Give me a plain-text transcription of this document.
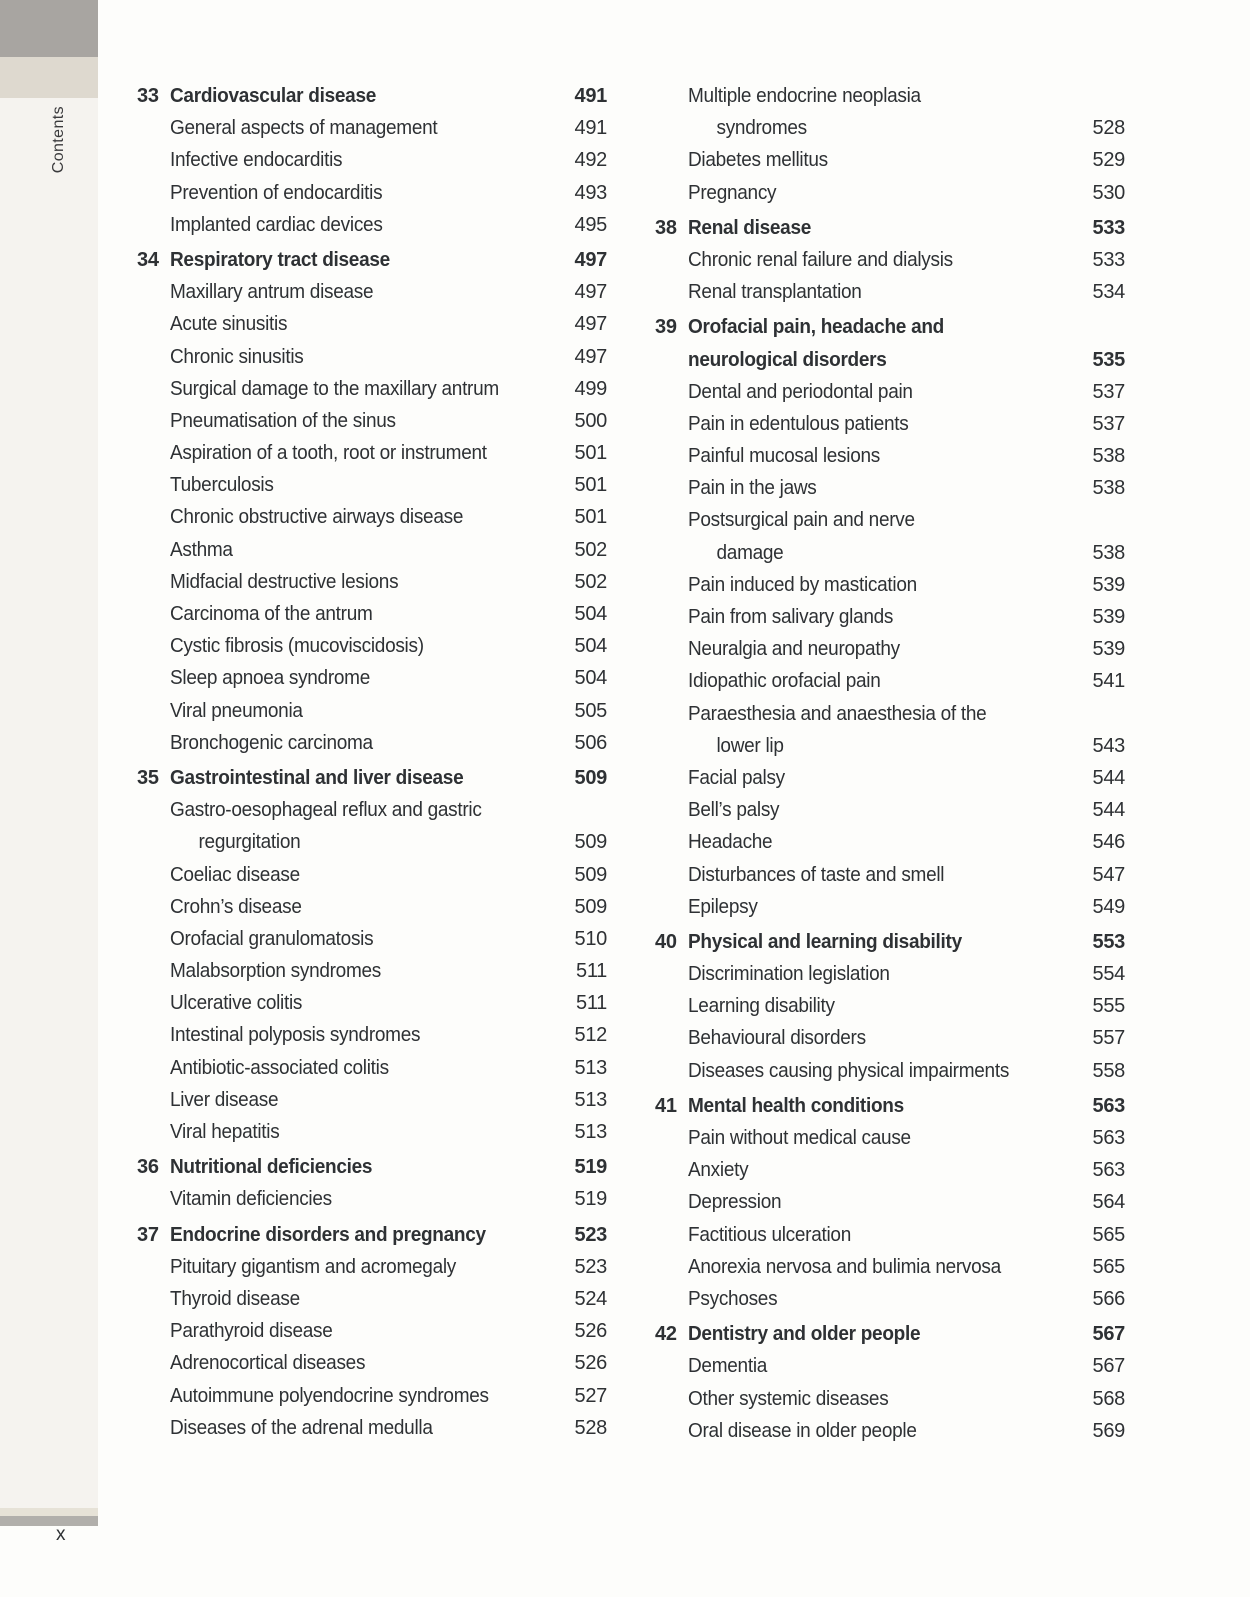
Contents
33 Cardiovascular disease	491
General aspects of management	491
Infective endocarditis	492
Prevention of endocarditis	493
Implanted cardiac devices	495
34 Respiratory tract disease	497
Maxillary antrum disease	497
Acute sinusitis	497
Chronic sinusitis	497
Surgical damage to the maxillary antrum	499
Pneumatisation of the sinus	500
Aspiration of a tooth, root or instrument	501
Tuberculosis	501
Chronic obstructive airways disease	501
Asthma	502
Midfacial destructive lesions	502
Carcinoma of the antrum	504
Cystic fibrosis (mucoviscidosis)	504
Sleep apnoea syndrome	504
Viral pneumonia	505
Bronchogenic carcinoma	506
35 Gastrointestinal and liver disease	509
Gastro-oesophageal reflux and gastric
regurgitation	509
Coeliac disease	509
Crohn’s disease	509
Orofacial granulomatosis	510
Malabsorption syndromes	511
Ulcerative colitis	511
Intestinal polyposis syndromes	512
Antibiotic-associated colitis	513
Liver disease	513
Viral hepatitis	513
36 Nutritional deficiencies	519
Vitamin deficiencies	519
37 Endocrine disorders and pregnancy	523
Pituitary gigantism and acromegaly	523
Thyroid disease	524
Parathyroid disease	526
Adrenocortical diseases	526
Autoimmune polyendocrine syndromes	527
Diseases of the adrenal medulla	528
Multiple endocrine neoplasia
syndromes	528
Diabetes mellitus	529
Pregnancy	530
38 Renal disease	533
Chronic renal failure and dialysis	533
Renal transplantation	534
39 Orofacial pain, headache and
neurological disorders	535
Dental and periodontal pain	537
Pain in edentulous patients	537
Painful mucosal lesions	538
Pain in the jaws	538
Postsurgical pain and nerve
damage	538
Pain induced by mastication	539
Pain from salivary glands	539
Neuralgia and neuropathy	539
Idiopathic orofacial pain	541
Paraesthesia and anaesthesia of the
lower lip	543
Facial palsy	544
Bell’s palsy	544
Headache	546
Disturbances of taste and smell	547
Epilepsy	549
40 Physical and learning disability	553
Discrimination legislation	554
Learning disability	555
Behavioural disorders	557
Diseases causing physical impairments	558
41 Mental health conditions	563
Pain without medical cause	563
Anxiety	563
Depression	564
Factitious ulceration	565
Anorexia nervosa and bulimia nervosa	565
Psychoses	566
42 Dentistry and older people	567
Dementia	567
Other systemic diseases	568
Oral disease in older people	569
x
